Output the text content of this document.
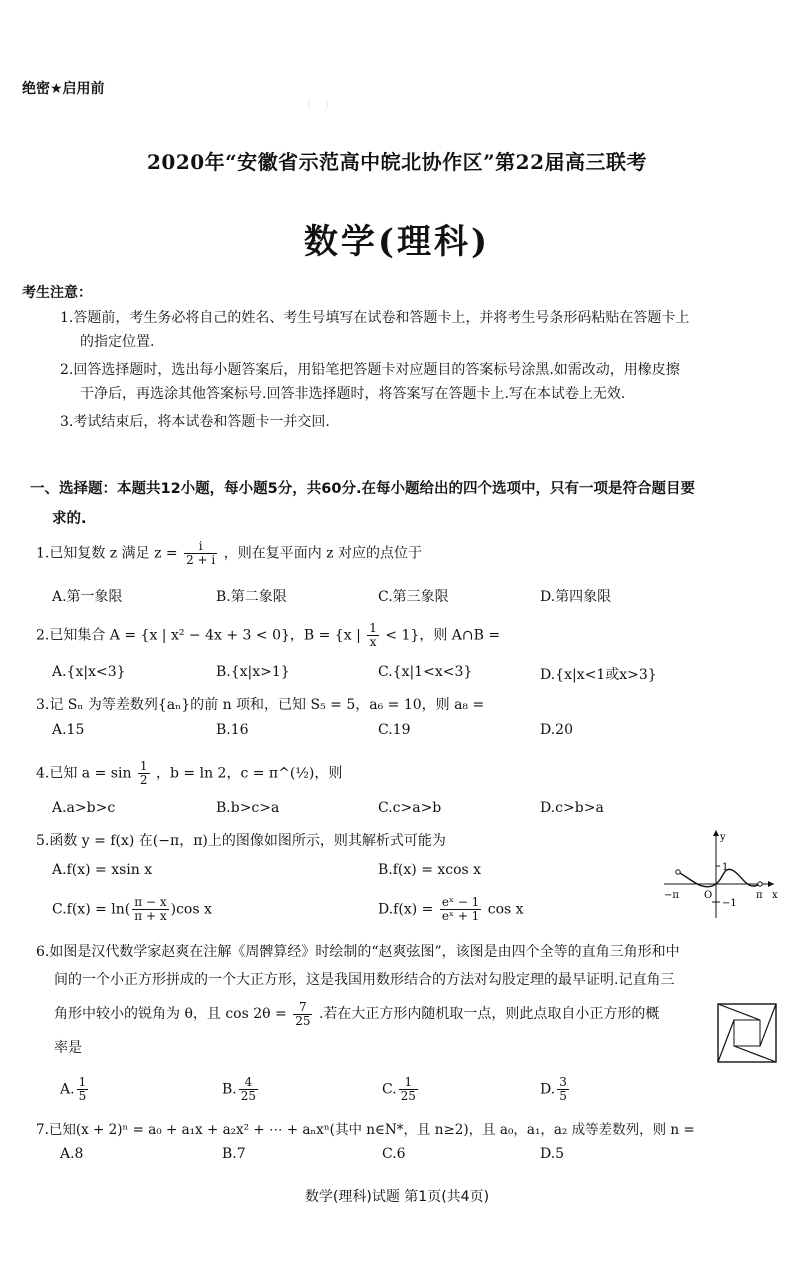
（　）　　　　　　　　　　

绝密★启用前
2020年“安徽省示范高中皖北协作区”第22届高三联考
数学(理科)
考生注意：
1.答题前，考生务必将自己的姓名、考生号填写在试卷和答题卡上，并将考生号条形码粘贴在答题卡上
的指定位置.
2.回答选择题时，选出每小题答案后，用铅笔把答题卡对应题目的答案标号涂黑.如需改动，用橡皮擦
干净后，再选涂其他答案标号.回答非选择题时，将答案写在答题卡上.写在本试卷上无效.
3.考试结束后，将本试卷和答题卡一并交回.
一、选择题：本题共12小题，每小题5分，共60分.在每小题给出的四个选项中，只有一项是符合题目要
求的.
1.已知复数 z 满足 $z = \frac{i}{2 + i}$ ，则在复平面内 z 对应的点位于
A.第一象限	B.第二象限	C.第三象限	D.第四象限
2.已知集合 A = {x | x² − 4x + 3 < 0}，B = {x | $\frac{1}{x} < 1$}，则 A∩B =
A.{x|x<3}	B.{x|x>1}	C.{x|1<x<3}	D.{x|x<1或x>3}
3.记 Sₙ 为等差数列{aₙ}的前 n 项和，已知 S₅ = 5，a₆ = 10，则 a₈ =
A.15	B.16	C.19	D.20
4.已知 $a = \sin \frac{1}{2}$ ，b = ln 2，c = π^(½)，则
A.a>b>c	B.b>c>a	C.c>a>b	D.c>b>a
5.函数 y = f(x) 在(−π，π)上的图像如图所示，则其解析式可能为
A.f(x) = xsin x	B.f(x) = xcos x
$C.f(x) = \ln( \frac{\pi - x}{\pi + x} )\cos$ x	$D.f(x) = \frac{\text{eˣ − 1}}{\text{eˣ + 1}}$ cos x
y
x
1
−1
O
−π	π
6.如图是汉代数学家赵爽在注解《周髀算经》时绘制的“赵爽弦图”，该图是由四个全等的直角三角形和中
间的一个小正方形拼成的一个大正方形，这是我国用数形结合的方法对勾股定理的最早证明.记直角三
角形中较小的锐角为 θ，且 $\cos 2\theta = \frac{7}{25}$ .若在大正方形内随机取一点，则此点取自小正方形的概
率是
A. $\frac{1}{5}$	B. $\frac{4}{25}$	C. $\frac{1}{25}$	D. $\frac{3}{5}$
7.已知(x + 2)ⁿ = a₀ + a₁x + a₂x² + ⋯ + aₙxⁿ(其中 n∈N*，且 n≥2)，且 a₀，a₁，a₂ 成等差数列，则 n =
A.8	B.7	C.6	D.5
数学(理科)试题 第1页(共4页)
